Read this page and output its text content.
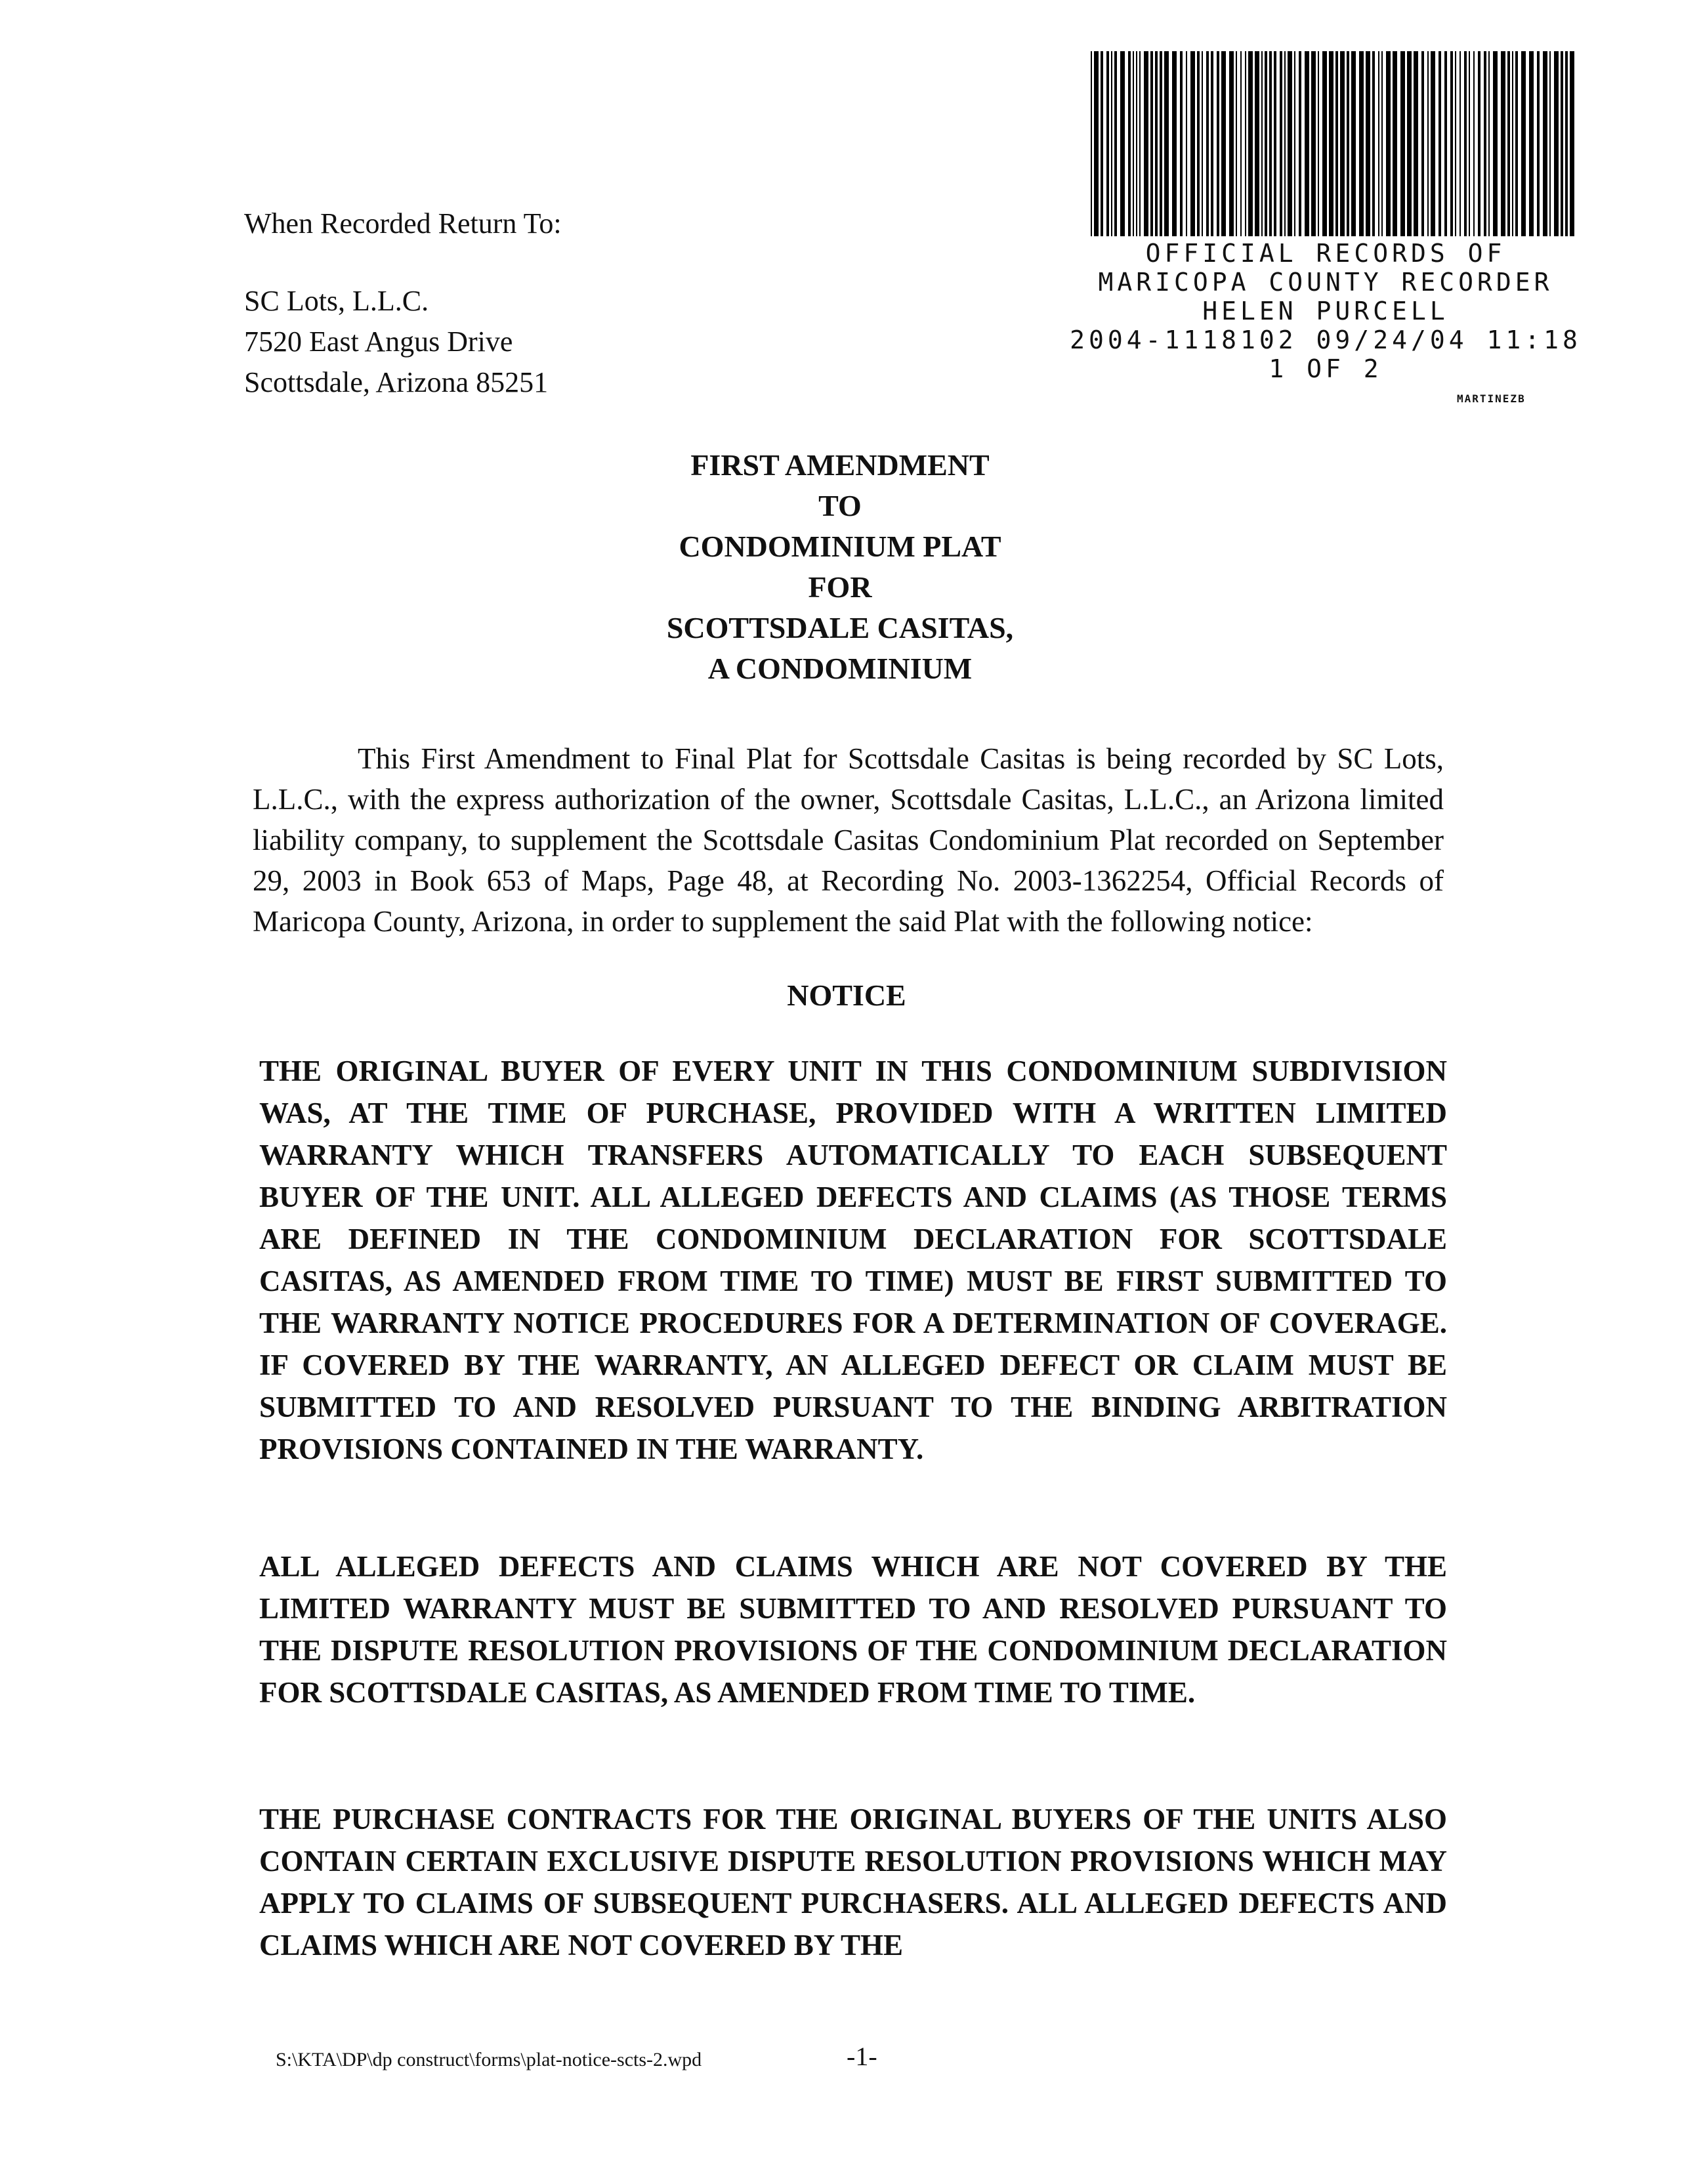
When Recorded Return To:
SC Lots, L.L.C.
7520 East Angus Drive
Scottsdale, Arizona 85251
OFFICIAL RECORDS OF
MARICOPA COUNTY RECORDER
HELEN PURCELL
2004-1118102 09/24/04 11:18
1 OF 2
MARTINEZB
FIRST AMENDMENT
TO
CONDOMINIUM PLAT
FOR
SCOTTSDALE CASITAS,
A CONDOMINIUM

This First Amendment to Final Plat for Scottsdale Casitas is being recorded by SC Lots, L.L.C., with the express authorization of the owner, Scottsdale Casitas, L.L.C., an Arizona limited liability company, to supplement the Scottsdale Casitas Condominium Plat recorded on September 29, 2003 in Book 653 of Maps, Page 48, at Recording No. 2003-1362254, Official Records of Maricopa County, Arizona, in order to supplement the said Plat with the following notice:

NOTICE

THE ORIGINAL BUYER OF EVERY UNIT IN THIS CONDOMINIUM SUBDIVISION WAS, AT THE TIME OF PURCHASE, PROVIDED WITH A WRITTEN LIMITED WARRANTY WHICH TRANSFERS AUTOMATICALLY TO EACH SUBSEQUENT BUYER OF THE UNIT. ALL ALLEGED DEFECTS AND CLAIMS (AS THOSE TERMS ARE DEFINED IN THE CONDOMINIUM DECLARATION FOR SCOTTSDALE CASITAS, AS AMENDED FROM TIME TO TIME) MUST BE FIRST SUBMITTED TO THE WARRANTY NOTICE PROCEDURES FOR A DETERMINATION OF COVERAGE. IF COVERED BY THE WARRANTY, AN ALLEGED DEFECT OR CLAIM MUST BE SUBMITTED TO AND RESOLVED PURSUANT TO THE BINDING ARBITRATION PROVISIONS CONTAINED IN THE WARRANTY.

ALL ALLEGED DEFECTS AND CLAIMS WHICH ARE NOT COVERED BY THE LIMITED WARRANTY MUST BE SUBMITTED TO AND RESOLVED PURSUANT TO THE DISPUTE RESOLUTION PROVISIONS OF THE CONDOMINIUM DECLARATION FOR SCOTTSDALE CASITAS, AS AMENDED FROM TIME TO TIME.

THE PURCHASE CONTRACTS FOR THE ORIGINAL BUYERS OF THE UNITS ALSO CONTAIN CERTAIN EXCLUSIVE DISPUTE RESOLUTION PROVISIONS WHICH MAY APPLY TO CLAIMS OF SUBSEQUENT PURCHASERS. ALL ALLEGED DEFECTS AND CLAIMS WHICH ARE NOT COVERED BY THE

S:\KTA\DP\dp construct\forms\plat-notice-scts-2.wpd	-1-
